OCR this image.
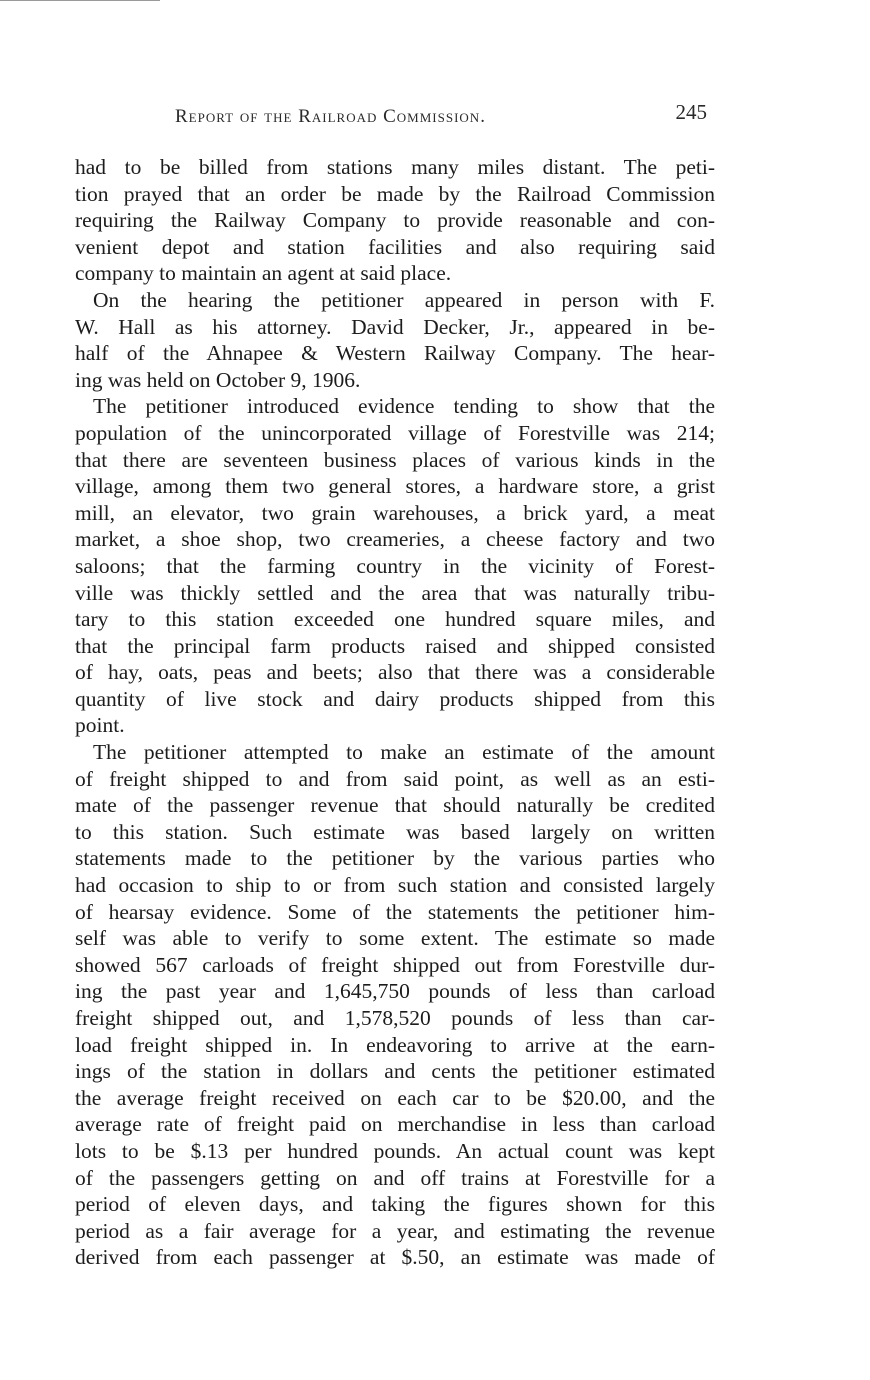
Report of the Railroad Commission.	245
had to be billed from stations many miles distant. The peti-
tion prayed that an order be made by the Railroad Commission
requiring the Railway Company to provide reasonable and con-
venient depot and station facilities and also requiring said
company to maintain an agent at said place.
On the hearing the petitioner appeared in person with F.
W. Hall as his attorney. David Decker, Jr., appeared in be-
half of the Ahnapee & Western Railway Company. The hear-
ing was held on October 9, 1906.
The petitioner introduced evidence tending to show that the
population of the unincorporated village of Forestville was 214;
that there are seventeen business places of various kinds in the
village, among them two general stores, a hardware store, a grist
mill, an elevator, two grain warehouses, a brick yard, a meat
market, a shoe shop, two creameries, a cheese factory and two
saloons; that the farming country in the vicinity of Forest-
ville was thickly settled and the area that was naturally tribu-
tary to this station exceeded one hundred square miles, and
that the principal farm products raised and shipped consisted
of hay, oats, peas and beets; also that there was a considerable
quantity of live stock and dairy products shipped from this
point.
The petitioner attempted to make an estimate of the amount
of freight shipped to and from said point, as well as an esti-
mate of the passenger revenue that should naturally be credited
to this station. Such estimate was based largely on written
statements made to the petitioner by the various parties who
had occasion to ship to or from such station and consisted largely
of hearsay evidence. Some of the statements the petitioner him-
self was able to verify to some extent. The estimate so made
showed 567 carloads of freight shipped out from Forestville dur-
ing the past year and 1,645,750 pounds of less than carload
freight shipped out, and 1,578,520 pounds of less than car-
load freight shipped in. In endeavoring to arrive at the earn-
ings of the station in dollars and cents the petitioner estimated
the average freight received on each car to be $20.00, and the
average rate of freight paid on merchandise in less than carload
lots to be $.13 per hundred pounds. An actual count was kept
of the passengers getting on and off trains at Forestville for a
period of eleven days, and taking the figures shown for this
period as a fair average for a year, and estimating the revenue
derived from each passenger at $.50, an estimate was made of
